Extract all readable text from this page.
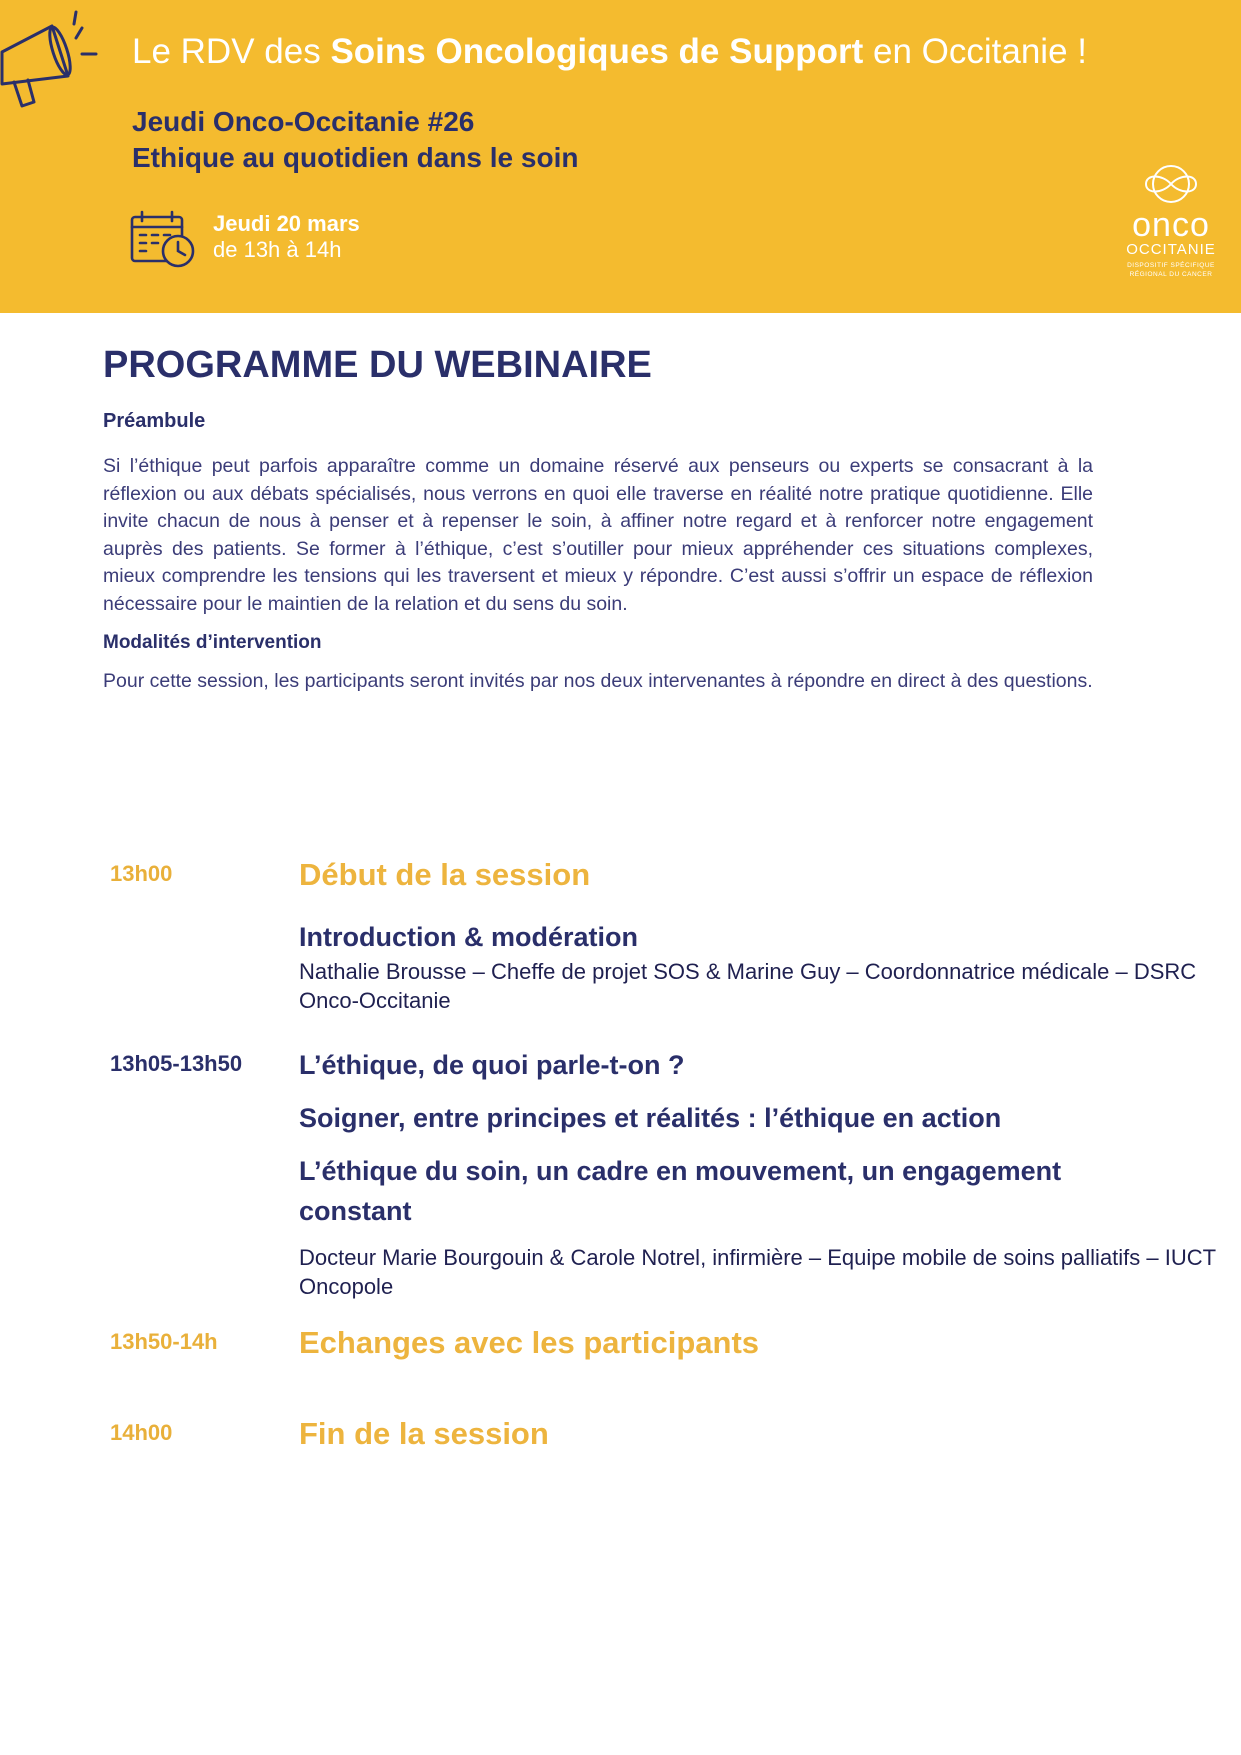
Le RDV des Soins Oncologiques de Support en Occitanie !
Jeudi Onco-Occitanie #26
Ethique au quotidien dans le soin
Jeudi 20 mars
de 13h à 14h
onco
OCCITANIE
DISPOSITIF SPÉCIFIQUE RÉGIONAL DU CANCER
PROGRAMME DU WEBINAIRE
Préambule

Si l’éthique peut parfois apparaître comme un domaine réservé aux penseurs ou experts se consacrant à la réflexion ou aux débats spécialisés, nous verrons en quoi elle traverse en réalité notre pratique quotidienne. Elle invite chacun de nous à penser et à repenser le soin, à affiner notre regard et à renforcer notre engagement auprès des patients. Se former à l’éthique, c’est s’outiller pour mieux appréhender ces situations complexes, mieux comprendre les tensions qui les traversent et mieux y répondre. C’est aussi s’offrir un espace de réflexion nécessaire pour le maintien de la relation et du sens du soin.

Modalités d’intervention

Pour cette session, les participants seront invités par nos deux intervenantes à répondre en direct à des questions.

13h00	Début de la session
Introduction & modération
Nathalie Brousse – Cheffe de projet SOS & Marine Guy – Coordonnatrice médicale – DSRC Onco-Occitanie
13h05-13h50	L’éthique, de quoi parle-t-on ?
Soigner, entre principes et réalités : l’éthique en action
L’éthique du soin, un cadre en mouvement, un engagement constant
Docteur Marie Bourgouin & Carole Notrel, infirmière – Equipe mobile de soins palliatifs – IUCT Oncopole
13h50-14h	Echanges avec les participants
14h00	Fin de la session
